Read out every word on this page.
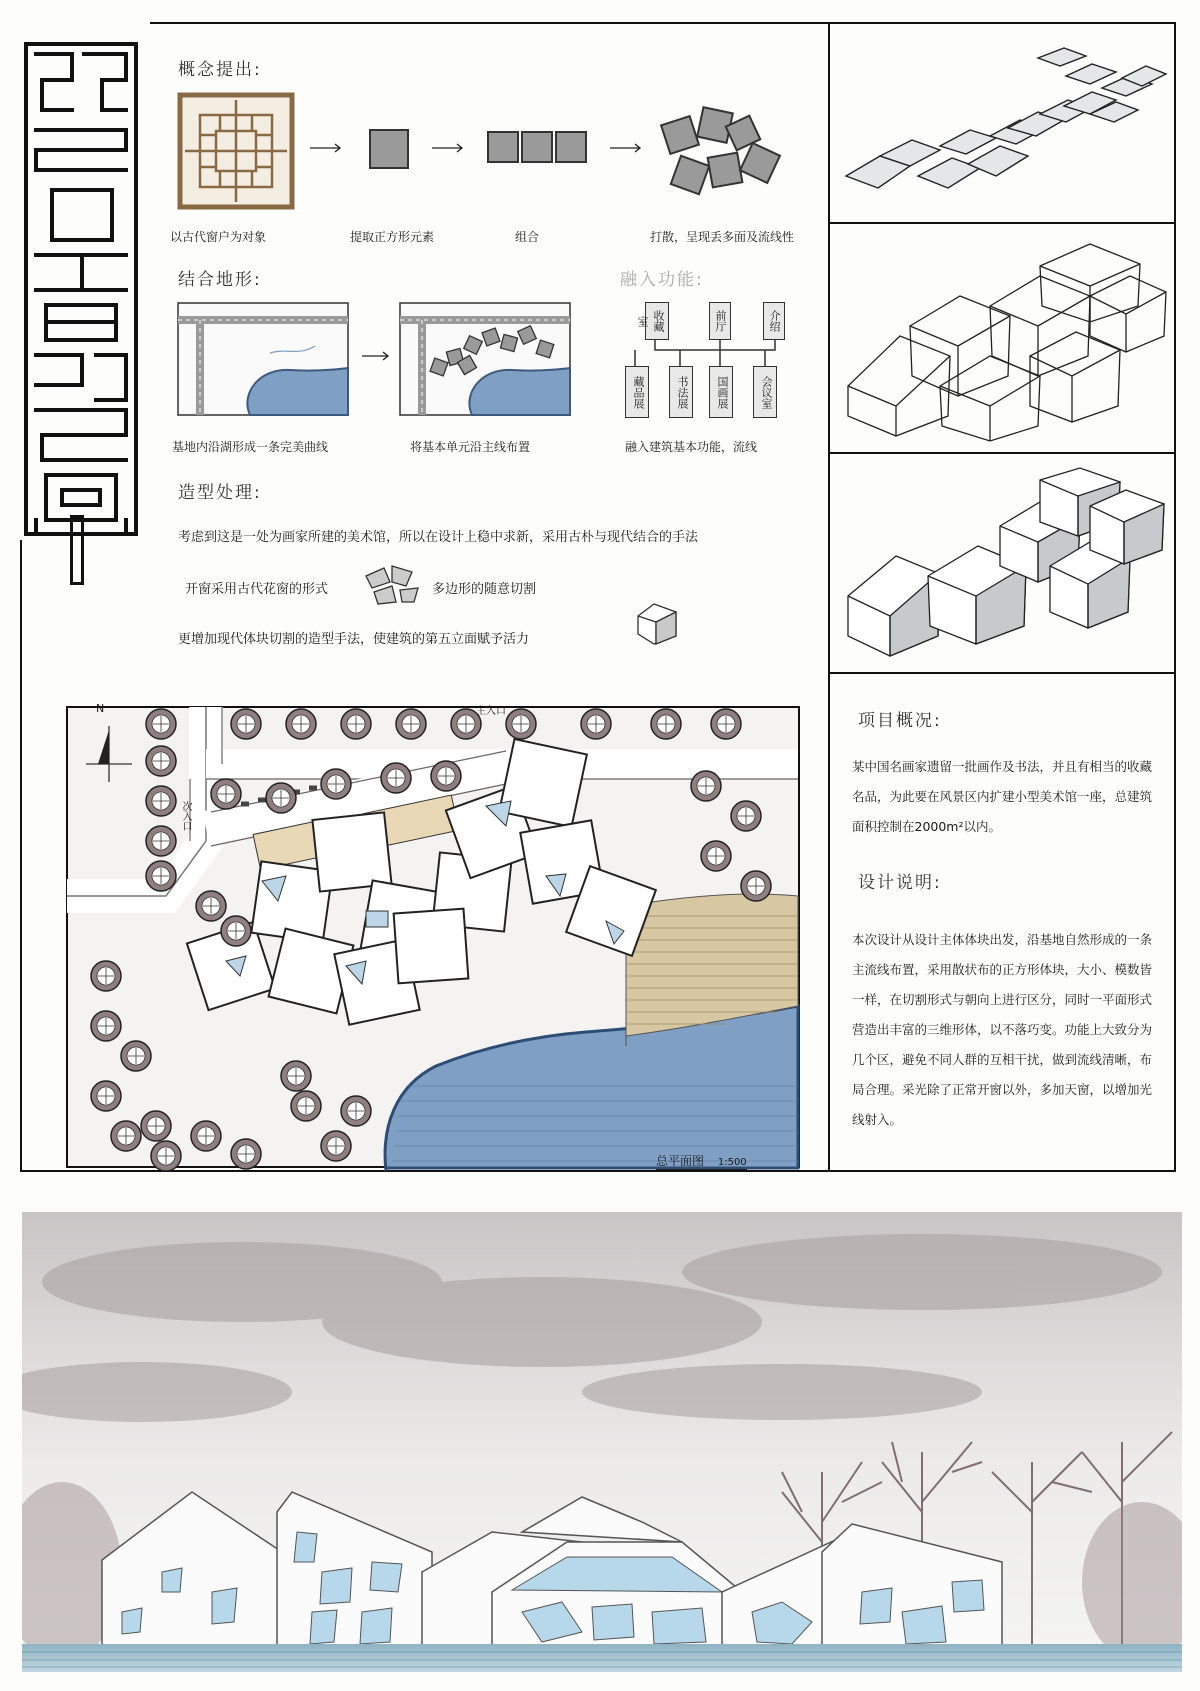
概念提出:
以古代窗户为对象	提取正方形元素	组合	打散，呈现丢多面及流线性
结合地形:	融入功能:
收藏室	前厅	介绍
藏品展	书法展	国画展	会议室
基地内沿湖形成一条完美曲线	将基本单元沿主线布置	融入建筑基本功能，流线
造型处理:
考虑到这是一处为画家所建的美术馆，所以在设计上稳中求新，采用古朴与现代结合的手法
开窗采用古代花窗的形式	多边形的随意切割
更增加现代体块切割的造型手法，使建筑的第五立面赋予活力
N	主入口
次入口
总平面图 1:500
项目概况:
某中国名画家遗留一批画作及书法，并且有相当的收藏名品，为此要在风景区内扩建小型美术馆一座，总建筑面积控制在2000m²以内。
设计说明:
本次设计从设计主体体块出发，沿基地自然形成的一条主流线布置，采用散状布的正方形体块，大小、模数皆一样，在切割形式与朝向上进行区分，同时一平面形式营造出丰富的三维形体，以不落巧变。功能上大致分为几个区，避免不同人群的互相干扰，做到流线清晰，布局合理。采光除了正常开窗以外，多加天窗，以增加光线射入。
